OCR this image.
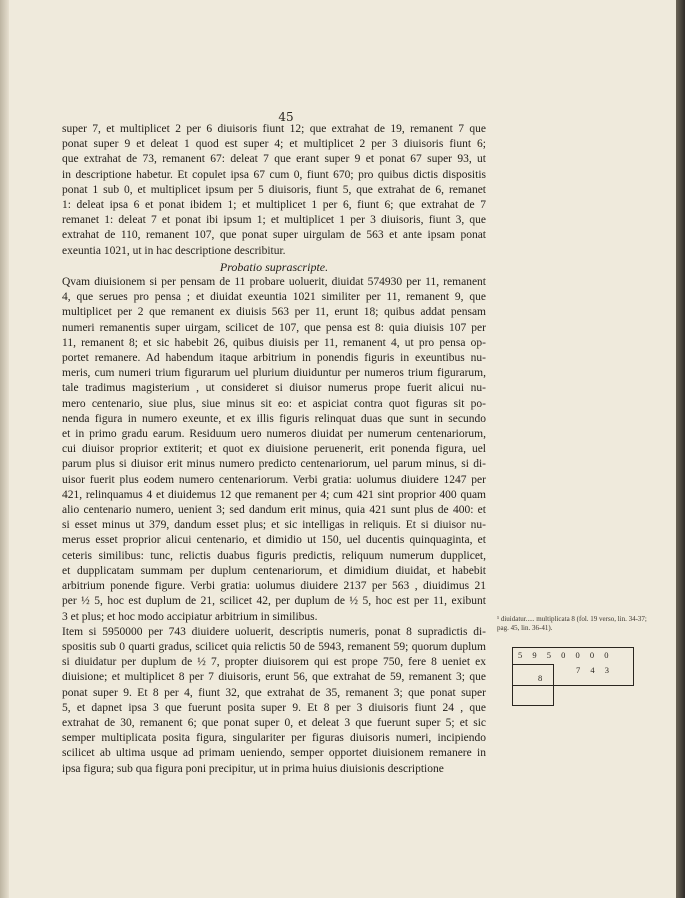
45
super 7, et multiplicet 2 per 6 diuisoris fiunt 12; que extrahat de 19, remanent 7 que
ponat super 9 et deleat 1 quod est super 4; et multiplicet 2 per 3 diuisoris fiunt 6;
que extrahat de 73, remanent 67: deleat 7 que erant super 9 et ponat 67 super 93, ut
in descriptione habetur. Et copulet ipsa 67 cum 0, fiunt 670; pro quibus dictis dispositis
ponat 1 sub 0, et multiplicet ipsum per 5 diuisoris, fiunt 5, que extrahat de 6, remanet
1: deleat ipsa 6 et ponat ibidem 1; et multiplicet 1 per 6, fiunt 6; que extrahat de 7
remanet 1: deleat 7 et ponat ibi ipsum 1; et multiplicet 1 per 3 diuisoris, fiunt 3, que
extrahat de 110, remanent 107, que ponat super uirgulam de 563 et ante ipsam ponat
exeuntia 1021, ut in hac descriptione describitur.
Probatio suprascripte.
Qvam diuisionem si per pensam de 11 probare uoluerit, diuidat 574930 per 11, remanent
4, que serues pro pensa ; et diuidat exeuntia 1021 similiter per 11, remanent 9, que
multiplicet per 2 que remanent ex diuisis 563 per 11, erunt 18; quibus addat pensam
numeri remanentis super uirgam, scilicet de 107, que pensa est 8: quia diuisis 107 per
11, remanent 8; et sic habebit 26, quibus diuisis per 11, remanent 4, ut pro pensa op-
portet remanere. Ad habendum itaque arbitrium in ponendis figuris in exeuntibus nu-
meris, cum numeri trium figurarum uel plurium diuiduntur per numeros trium figurarum,
tale tradimus magisterium , ut consideret si diuisor numerus prope fuerit alicui nu-
mero centenario, siue plus, siue minus sit eo: et aspiciat contra quot figuras sit po-
nenda figura in numero exeunte, et ex illis figuris relinquat duas que sunt in secundo
et in primo gradu earum. Residuum uero numeros diuidat per numerum centenariorum,
cui diuisor proprior extiterit; et quot ex diuisione peruenerit, erit ponenda figura, uel
parum plus si diuisor erit minus numero predicto centenariorum, uel parum minus, si di-
uisor fuerit plus eodem numero centenariorum. Verbi gratia: uolumus diuidere 1247 per
421, relinquamus 4 et diuidemus 12 que remanent per 4; cum 421 sint proprior 400 quam
alio centenario numero, uenient 3; sed dandum erit minus, quia 421 sunt plus de 400: et
si esset minus ut 379, dandum esset plus; et sic intelligas in reliquis. Et si diuisor nu-
merus esset proprior alicui centenario, et dimidio ut 150, uel ducentis quinquaginta, et
ceteris similibus: tunc, relictis duabus figuris predictis, reliquum numerum dupplicet,
et dupplicatam summam per duplum centenariorum, et dimidium diuidat, et habebit
arbitrium ponende figure. Verbi gratia: uolumus diuidere 2137 per 563 , diuidimus 21
per ½ 5, hoc est duplum de 21, scilicet 42, per duplum de ½ 5, hoc est per 11, exibunt
3 et plus; et hoc modo accipiatur arbitrium in similibus.
Item si 5950000 per 743 diuidere uoluerit, descriptis numeris, ponat 8 supradictis di-
spositis sub 0 quarti gradus, scilicet quia relictis 50 de 5943, remanent 59; quorum duplum
si diuidatur per duplum de ½ 7, propter diuisorem qui est prope 750, fere 8 ueniet ex
diuisione; et multiplicet 8 per 7 diuisoris, erunt 56, que extrahat de 59, remanent 3; que
ponat super 9. Et 8 per 4, fiunt 32, que extrahat de 35, remanent 3; que ponat super
5, et dapnet ipsa 3 que fuerunt posita super 9. Et 8 per 3 diuisoris fiunt 24 , que
extrahat de 30, remanent 6; que ponat super 0, et deleat 3 que fuerunt super 5; et sic
semper multiplicata posita figura, singulariter per figuras diuisoris numeri, incipiendo
scilicet ab ultima usque ad primam ueniendo, semper opportet diuisionem remanere in
ipsa figura; sub qua figura poni precipitur, ut in prima huius diuisionis descriptione
¹ diuidatur..... multiplicata 8 (fol. 19 verso, lin. 34-37; pag. 45, lin. 36-41).
5 9 5 0 0 0 0
7 4 3
8
